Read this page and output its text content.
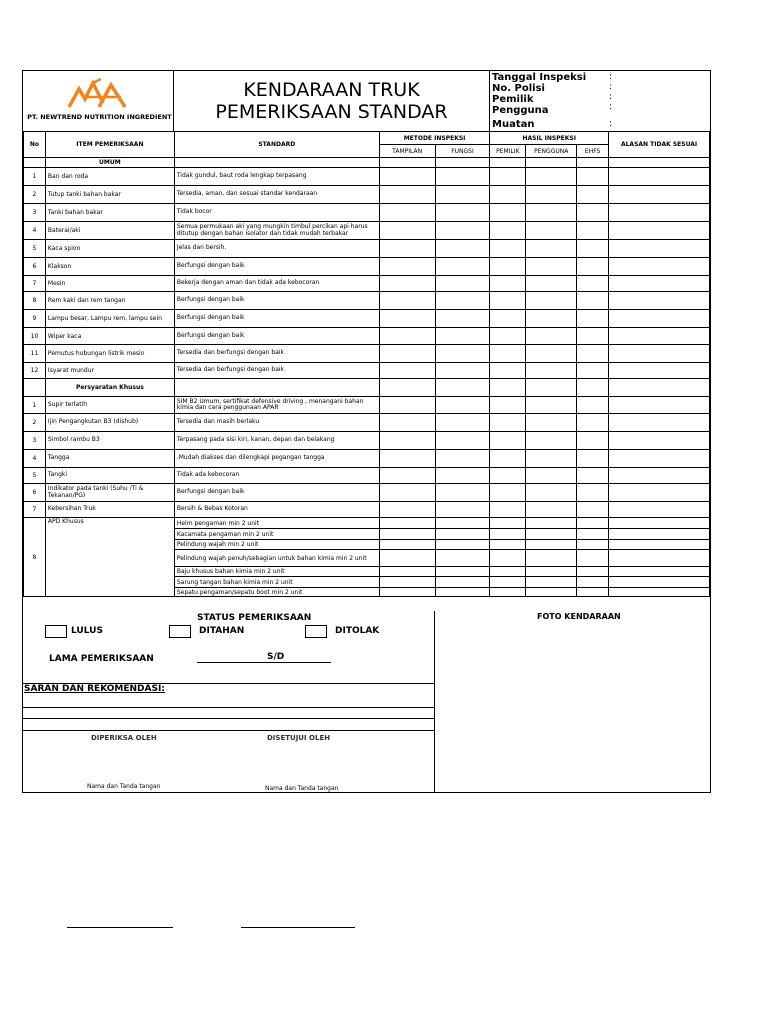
PT. NEWTREND NUTRITION INGREDIENT
KENDARAAN TRUK
PEMERIKSAAN STANDAR
Tanggal Inspeksi
No. Polisi
Pemilik
Pengguna
Muatan
:
:
:
:
:
No	ITEM PEMERIKSAAN	STANDARD	METODE INSPEKSI		HASIL INSPEKSI			ALASAN TIDAK SESUAI
			TAMPILAN	FUNGSI	PEMILIK	PENGGUNA	EHFS	
	UMUM							
1	Ban dan roda	Tidak gundul, baut roda lengkap terpasang						
2	Tutup tanki bahan bakar	Tersedia, aman, dan sesuai standar kendaraan						
3	Tanki bahan bakar	Tidak bocor						
4	Baterai/aki	Semua permukaan aki yang mungkin timbul percikan api harus ditutup dengan bahan isolator dan tidak mudah terbakar						
5	Kaca spion	Jelas dan bersih.						
6	Klakson	Berfungsi dengan baik						
7	Mesin	Bekerja dengan aman dan tidak ada kebocoran						
8	Rem kaki dan rem tangan	Berfungsi dengan baik						
9	Lampu besar, Lampu rem, lampu sein	Berfungsi dengan baik						
10	Wiper kaca	Berfungsi dengan baik						
11	Pemutus hubungan listrik mesin	Tersedia dan berfungsi dengan baik						
12	Isyarat mundur	Tersedia dan berfungsi dengan baik						
	Persyaratan Khusus							
1	Supir terlatih	SIM B2 Umum, sertifikat defensive driving , menangani bahan kimia dan cara penggunaan APAR						
2	Ijin Pengangkutan B3 (dishub)	Tersedia dan masih berlaku						
3	Simbol rambu B3	Terpasang pada sisi kiri, kanan, depan dan belakang						
4	Tangga	.Mudah diakses dan dilengkapi pegangan tangga						
5	Tangki	Tidak ada kebocoran						
6	Indikator pada tanki (Suhu /Ti & Tekanan/PG)	Berfungsi dengan baik						
7	Kebersihan Truk	Bersih & Bebas Kotoran						
8	APD Khusus	Helm pengaman min 2 unit						
		Kacamata pengaman min 2 unit						
		Pelindung wajah min 2 unit						
		Pelindung wajah penuh/sebagian untuk bahan kimia min 2 unit						
		Baju khusus bahan kimia min 2 unit						
		Sarung tangan bahan kimia min 2 unit						
		Sepatu pengaman/sepatu boot min 2 unit						
STATUS PEMERIKSAAN
LULUS	DITAHAN	DITOLAK
LAMA PEMERIKSAAN	S/D
SARAN DAN REKOMENDASI:
DIPERIKSA OLEH	DISETUJUI OLEH
Nama dan Tanda tangan	Nama dan Tanda tangan
FOTO KENDARAAN
